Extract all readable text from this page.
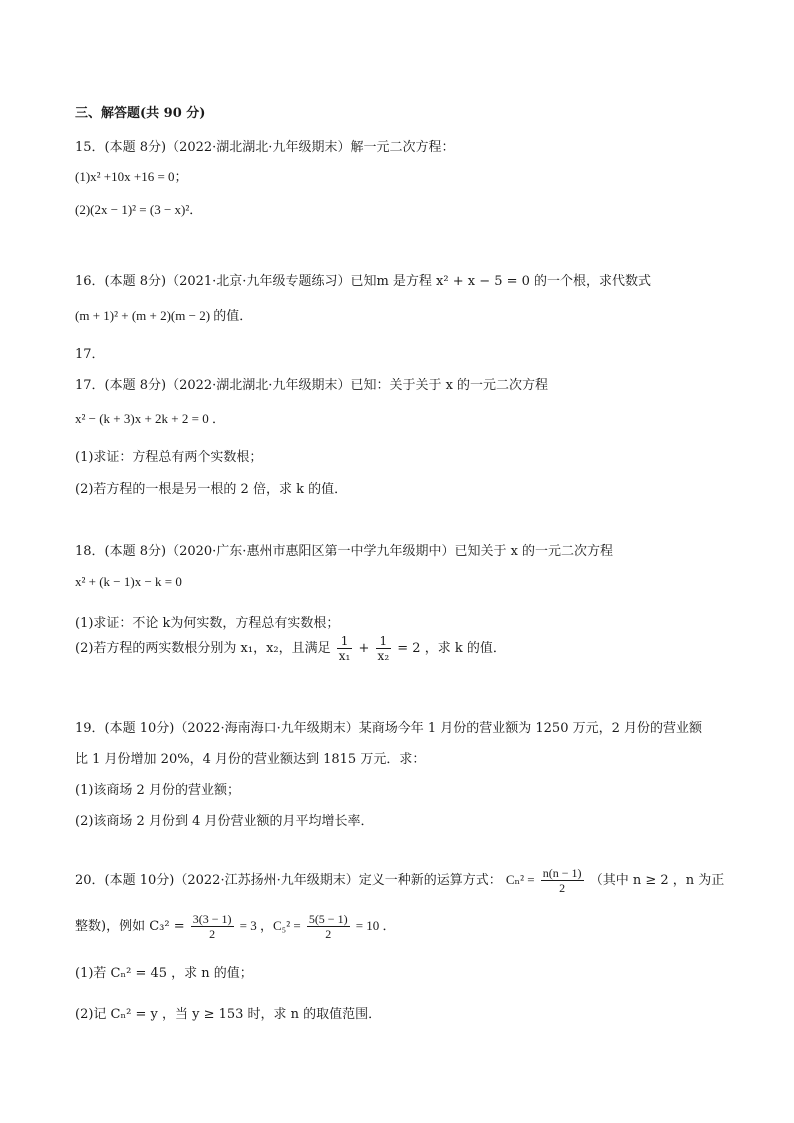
三、解答题(共 90 分)
15．(本题 8分)（2022·湖北湖北·九年级期末）解一元二次方程：
(1)x² +10x +16 = 0；
(2)(2x − 1)² = (3 − x)²．
16．(本题 8分)（2021·北京·九年级专题练习）已知m 是方程 x² + x − 5 = 0 的一个根，求代数式
(m + 1)² + (m + 2)(m − 2) 的值．
17．
17．(本题 8分)（2022·湖北湖北·九年级期末）已知：关于关于 x 的一元二次方程
x² − (k + 3)x + 2k + 2 = 0 ．
(1)求证：方程总有两个实数根；
(2)若方程的一根是另一根的 2 倍，求 k 的值．
18．(本题 8分)（2020·广东·惠州市惠阳区第一中学九年级期中）已知关于 x 的一元二次方程
x² + (k − 1)x − k = 0
(1)求证：不论 k为何实数，方程总有实数根；
(2)若方程的两实数根分别为 x₁，x₂，且满足 $\frac{1}{\text{x₁}} + \frac{1}{\text{x₂}} = 2$ ，求 k 的值．
19．(本题 10分)（2022·海南海口·九年级期末）某商场今年 1 月份的营业额为 1250 万元，2 月份的营业额
比 1 月份增加 20%，4 月份的营业额达到 1815 万元．求：
(1)该商场 2 月份的营业额；
(2)该商场 2 月份到 4 月份营业额的月平均增长率．
20．(本题 10分)（2022·江苏扬州·九年级期末）定义一种新的运算方式： $C_n^2 = \frac{n(n - 1)}{2}$ （其中 n ≥ 2 ，n 为正
整数)，例如 $C_3^2 = \frac{3(3 - 1)}{2} = 3$ ，$C_5^2 = \frac{5(5 - 1)}{2} = 10$ ．
(1)若 Cₙ² = 45 ，求 n 的值；
(2)记 Cₙ² = y ，当 y ≥ 153 时，求 n 的取值范围．
